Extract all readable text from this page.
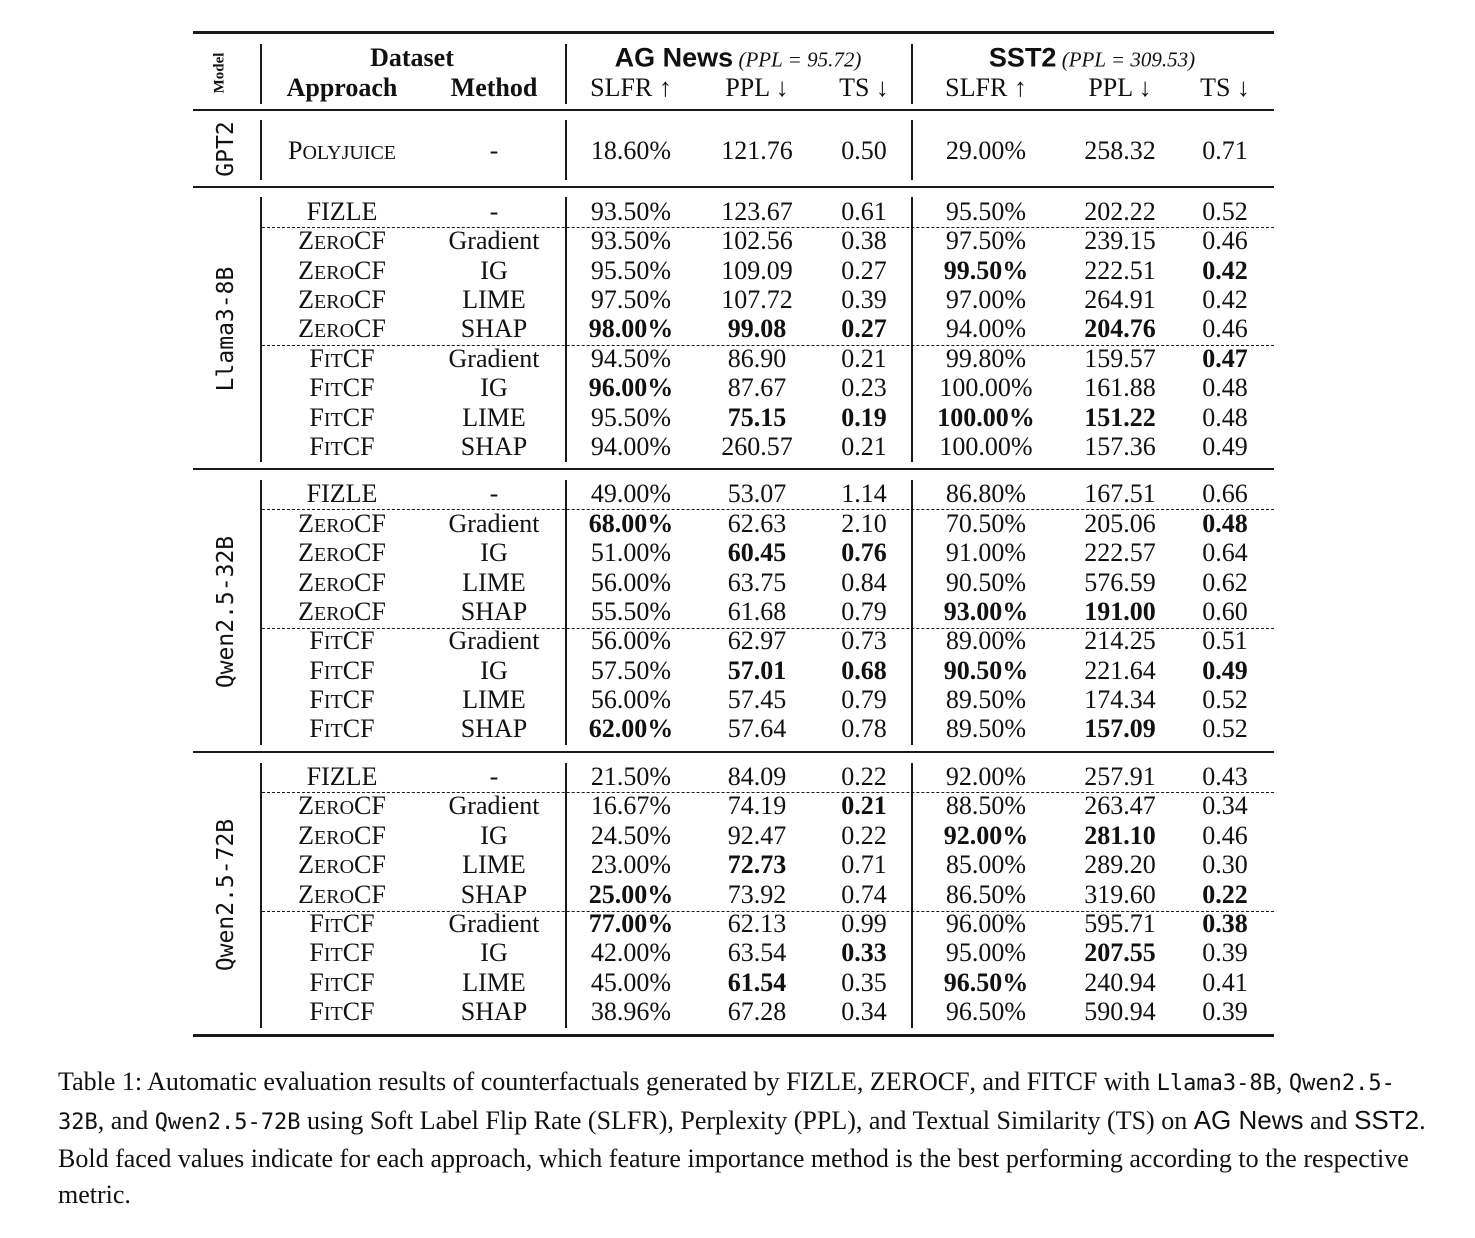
Model	Dataset
Approach Method
AG News (PPL = 95.72)	SST2 (PPL = 309.53)
SLFR ↑ PPL ↓ TS ↓ SLFR ↑ PPL ↓ TS ↓
GPT2 POLYJUICE	-	18.60% 121.76 0.50 29.00% 258.32 0.71
Llama3-8B
FIZLE	-	93.50% 123.67 0.61 95.50% 202.22 0.52
ZEROCF Gradient 93.50% 102.56 0.38 97.50% 239.15 0.46
ZEROCF	IG	95.50% 109.09 0.27 99.50% 222.51 0.42
ZEROCF	LIME	97.50% 107.72 0.39 97.00% 264.91 0.42
ZEROCF	SHAP 98.00% 99.08 0.27 94.00% 204.76 0.46
FITCF	Gradient 94.50% 86.90 0.21 99.80% 159.57 0.47
FITCF	IG	96.00% 87.67 0.23 100.00% 161.88 0.48
FITCF	LIME	95.50% 75.15 0.19 100.00% 151.22 0.48
FITCF	SHAP 94.00% 260.57 0.21 100.00% 157.36 0.49
Qwen2.5-32B
FIZLE	-	49.00% 53.07 1.14 86.80% 167.51 0.66
ZEROCF Gradient 68.00% 62.63 2.10 70.50% 205.06 0.48
ZEROCF	IG	51.00% 60.45 0.76 91.00% 222.57 0.64
ZEROCF	LIME	56.00% 63.75 0.84 90.50% 576.59 0.62
ZEROCF	SHAP 55.50% 61.68 0.79 93.00% 191.00 0.60
FITCF	Gradient 56.00% 62.97 0.73 89.00% 214.25 0.51
FITCF	IG	57.50% 57.01 0.68 90.50% 221.64 0.49
FITCF	LIME	56.00% 57.45 0.79 89.50% 174.34 0.52
FITCF	SHAP 62.00% 57.64 0.78 89.50% 157.09 0.52
Qwen2.5-72B
FIZLE	-	21.50% 84.09 0.22 92.00% 257.91 0.43
ZEROCF Gradient 16.67% 74.19 0.21 88.50% 263.47 0.34
ZEROCF	IG	24.50% 92.47 0.22 92.00% 281.10 0.46
ZEROCF	LIME	23.00% 72.73 0.71 85.00% 289.20 0.30
ZEROCF	SHAP 25.00% 73.92 0.74 86.50% 319.60 0.22
FITCF	Gradient 77.00% 62.13 0.99 96.00% 595.71 0.38
FITCF	IG	42.00% 63.54 0.33 95.00% 207.55 0.39
FITCF	LIME	45.00% 61.54 0.35 96.50% 240.94 0.41
FITCF	SHAP 38.96% 67.28 0.34 96.50% 590.94 0.39
Table 1: Automatic evaluation results of counterfactuals generated by FIZLE, ZEROCF, and FITCF with Llama3-8B, Qwen2.5-32B, and Qwen2.5-72B using Soft Label Flip Rate (SLFR), Perplexity (PPL), and Textual Similarity (TS) on AG News and SST2. Bold faced values indicate for each approach, which feature importance method is the best performing according to the respective metric.
